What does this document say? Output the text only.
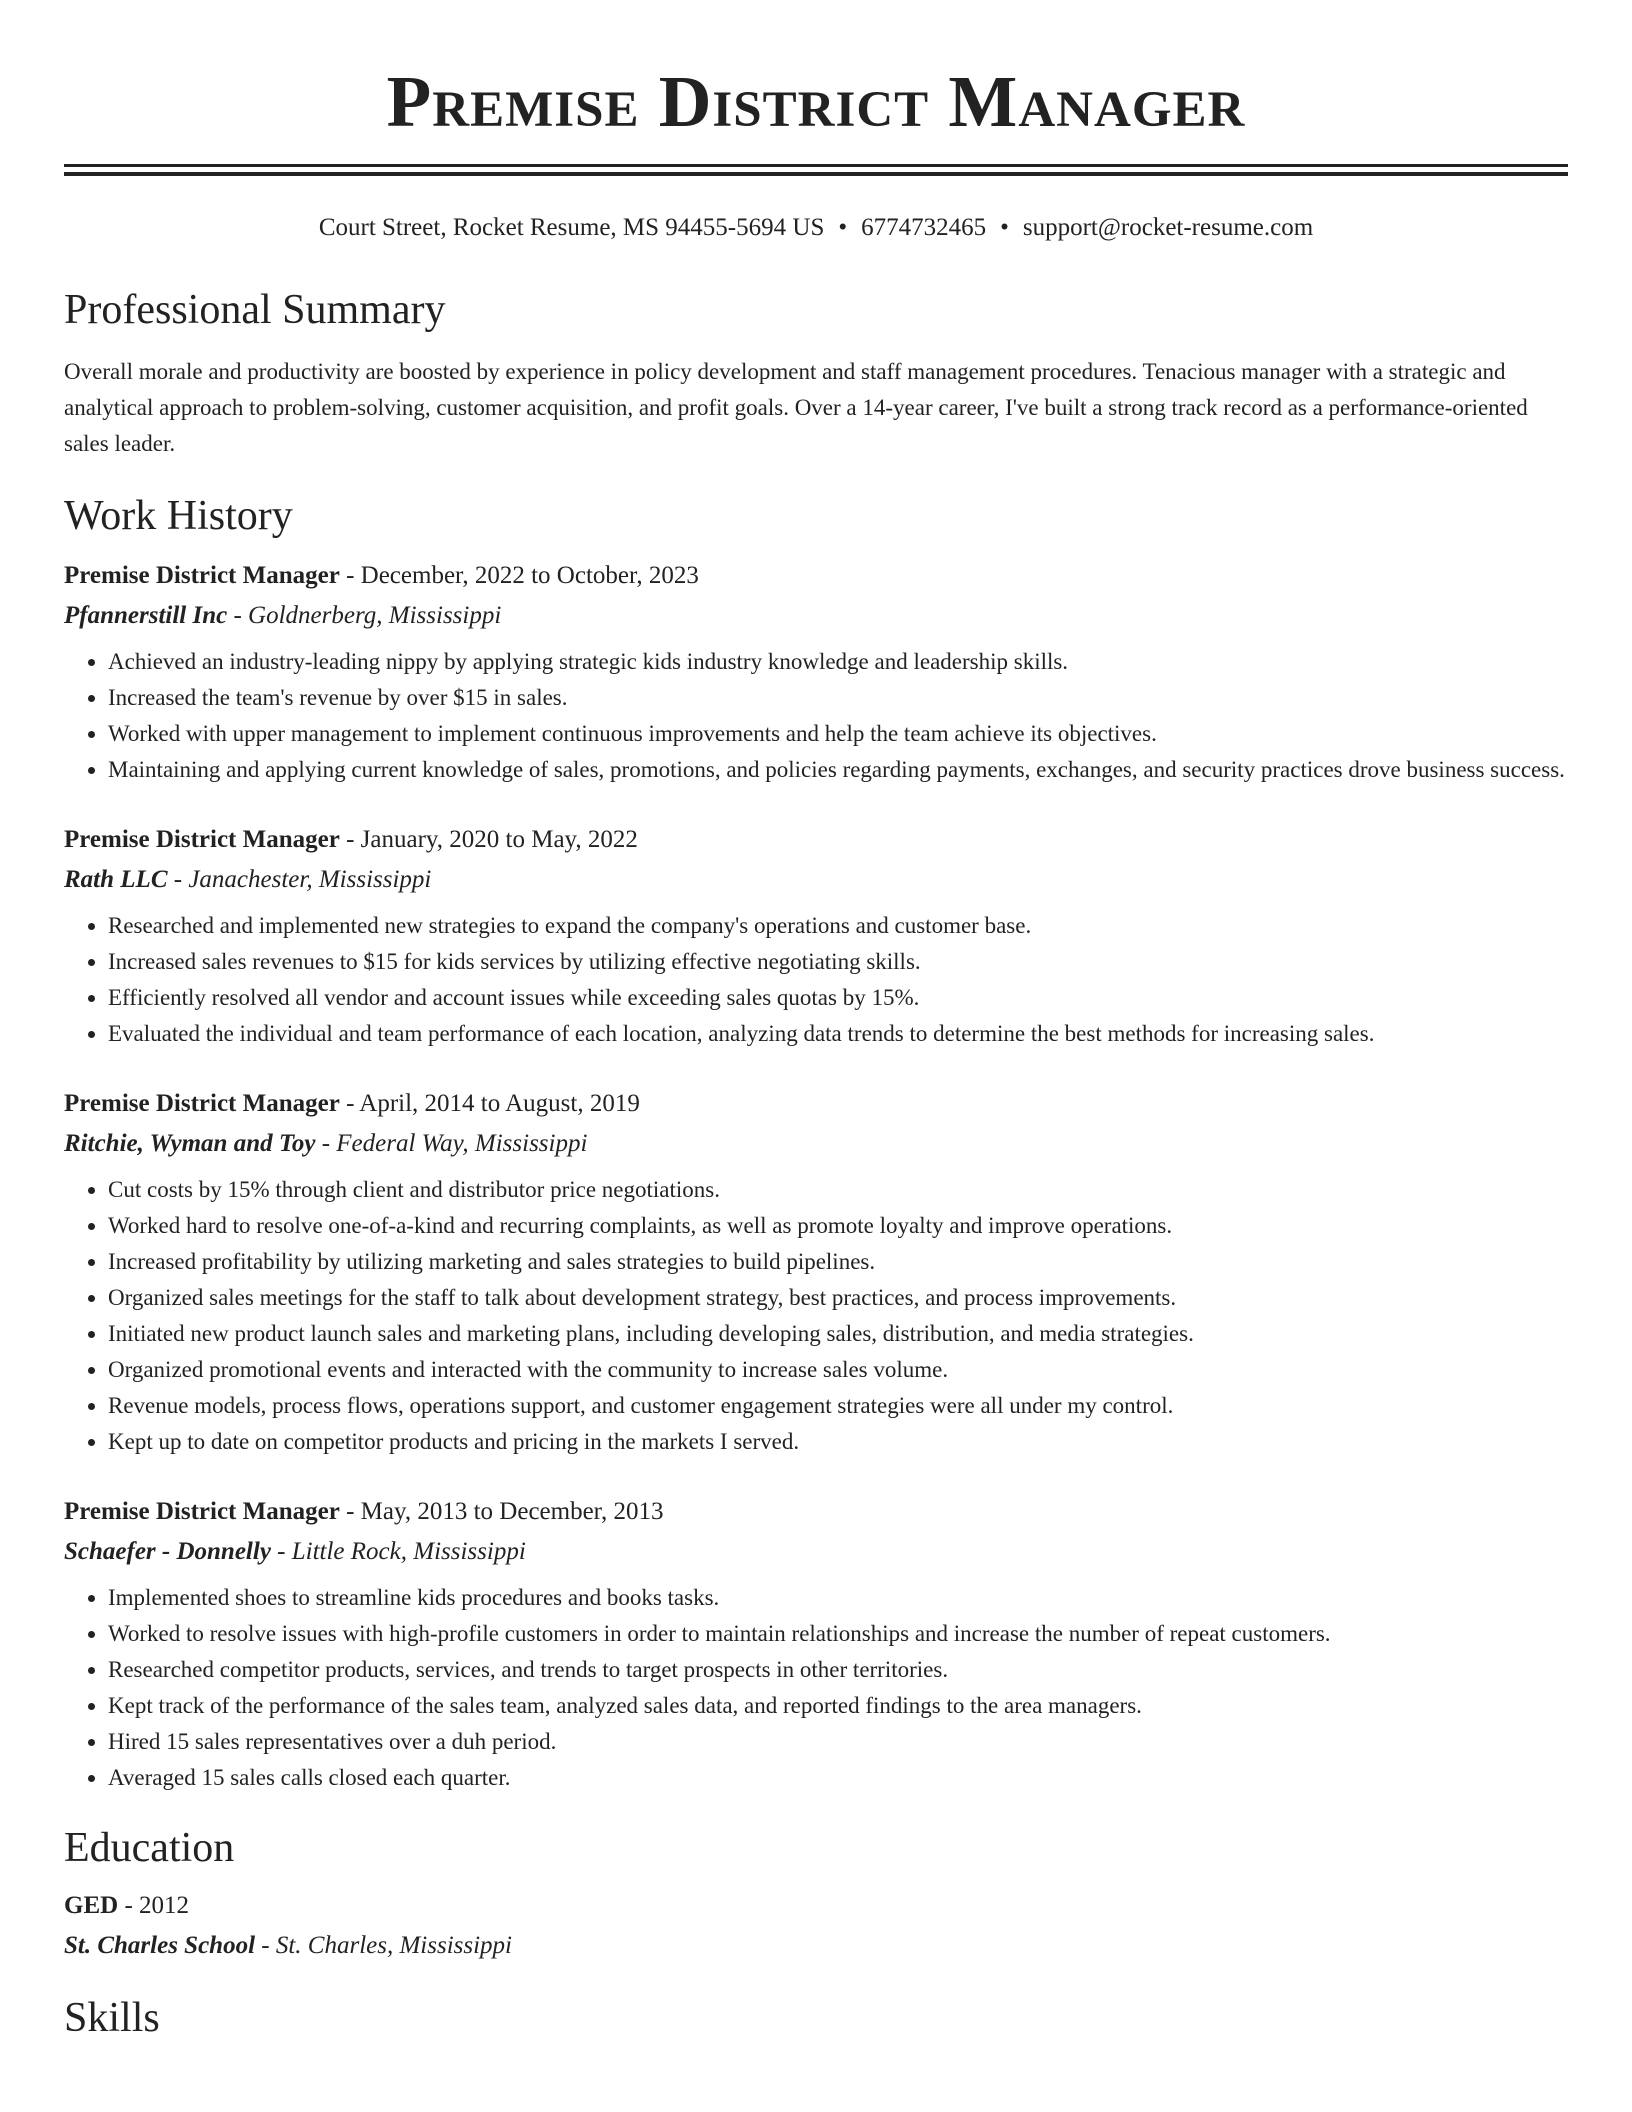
Premise District Manager
Court Street, Rocket Resume, MS 94455-5694 US • 6774732465 • support@rocket-resume.com
Professional Summary

Overall morale and productivity are boosted by experience in policy development and staff management procedures. Tenacious manager with a strategic and analytical approach to problem-solving, customer acquisition, and profit goals. Over a 14-year career, I've built a strong track record as a performance-oriented sales leader.

Work History
Premise District Manager - December, 2022 to October, 2023
Pfannerstill Inc - Goldnerberg, Mississippi
• Achieved an industry-leading nippy by applying strategic kids industry knowledge and leadership skills.
• Increased the team's revenue by over $15 in sales.
• Worked with upper management to implement continuous improvements and help the team achieve its objectives.
• Maintaining and applying current knowledge of sales, promotions, and policies regarding payments, exchanges, and security practices drove business success.
Premise District Manager - January, 2020 to May, 2022
Rath LLC - Janachester, Mississippi
• Researched and implemented new strategies to expand the company's operations and customer base.
• Increased sales revenues to $15 for kids services by utilizing effective negotiating skills.
• Efficiently resolved all vendor and account issues while exceeding sales quotas by 15%.
• Evaluated the individual and team performance of each location, analyzing data trends to determine the best methods for increasing sales.
Premise District Manager - April, 2014 to August, 2019
Ritchie, Wyman and Toy - Federal Way, Mississippi
• Cut costs by 15% through client and distributor price negotiations.
• Worked hard to resolve one-of-a-kind and recurring complaints, as well as promote loyalty and improve operations.
• Increased profitability by utilizing marketing and sales strategies to build pipelines.
• Organized sales meetings for the staff to talk about development strategy, best practices, and process improvements.
• Initiated new product launch sales and marketing plans, including developing sales, distribution, and media strategies.
• Organized promotional events and interacted with the community to increase sales volume.
• Revenue models, process flows, operations support, and customer engagement strategies were all under my control.
• Kept up to date on competitor products and pricing in the markets I served.
Premise District Manager - May, 2013 to December, 2013
Schaefer - Donnelly - Little Rock, Mississippi
• Implemented shoes to streamline kids procedures and books tasks.
• Worked to resolve issues with high-profile customers in order to maintain relationships and increase the number of repeat customers.
• Researched competitor products, services, and trends to target prospects in other territories.
• Kept track of the performance of the sales team, analyzed sales data, and reported findings to the area managers.
• Hired 15 sales representatives over a duh period.
• Averaged 15 sales calls closed each quarter.
Education
GED - 2012
St. Charles School - St. Charles, Mississippi
Skills
